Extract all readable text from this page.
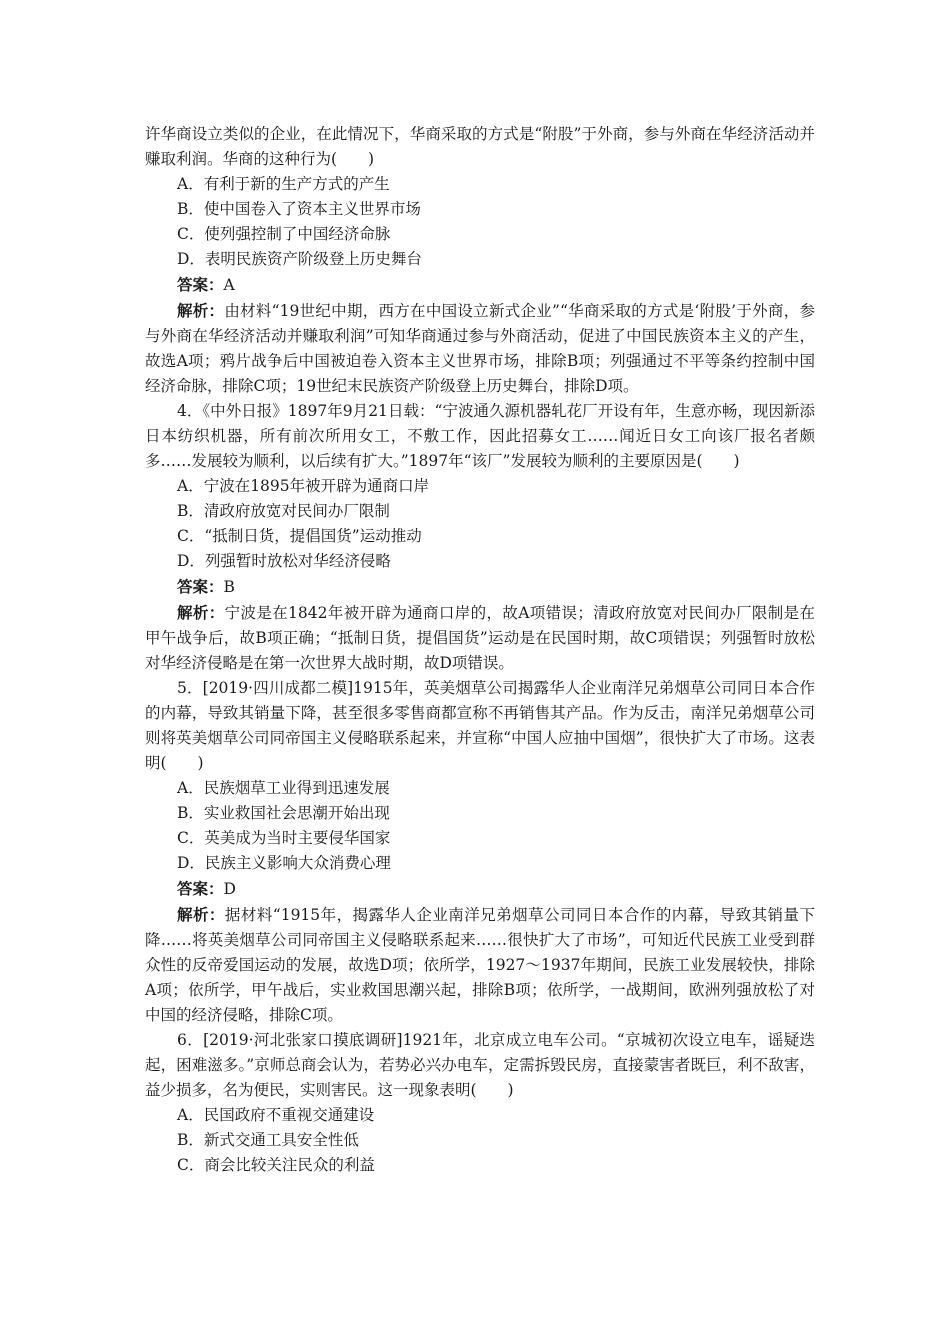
许华商设立类似的企业，在此情况下，华商采取的方式是“附股”于外商，参与外商在华经济活动并赚取利润。华商的这种行为(　　)

A．有利于新的生产方式的产生
B．使中国卷入了资本主义世界市场
C．使列强控制了中国经济命脉
D．表明民族资产阶级登上历史舞台
答案：A

解析：由材料“19世纪中期，西方在中国设立新式企业”“华商采取的方式是‘附股’于外商，参与外商在华经济活动并赚取利润”可知华商通过参与外商活动，促进了中国民族资本主义的产生，故选A项；鸦片战争后中国被迫卷入资本主义世界市场，排除B项；列强通过不平等条约控制中国经济命脉，排除C项；19世纪末民族资产阶级登上历史舞台，排除D项。

4．《中外日报》1897年9月21日载：“宁波通久源机器轧花厂开设有年，生意亦畅，现因新添日本纺织机器，所有前次所用女工，不敷工作，因此招募女工……闻近日女工向该厂报名者颇多……发展较为顺利，以后续有扩大。”1897年“该厂”发展较为顺利的主要原因是(　　)

A．宁波在1895年被开辟为通商口岸
B．清政府放宽对民间办厂限制
C．“抵制日货，提倡国货”运动推动
D．列强暂时放松对华经济侵略
答案：B

解析：宁波是在1842年被开辟为通商口岸的，故A项错误；清政府放宽对民间办厂限制是在甲午战争后，故B项正确；“抵制日货，提倡国货”运动是在民国时期，故C项错误；列强暂时放松对华经济侵略是在第一次世界大战时期，故D项错误。

5．[2019·四川成都二模]1915年，英美烟草公司揭露华人企业南洋兄弟烟草公司同日本合作的内幕，导致其销量下降，甚至很多零售商都宣称不再销售其产品。作为反击，南洋兄弟烟草公司则将英美烟草公司同帝国主义侵略联系起来，并宣称“中国人应抽中国烟”，很快扩大了市场。这表明(　　)

A．民族烟草工业得到迅速发展
B．实业救国社会思潮开始出现
C．英美成为当时主要侵华国家
D．民族主义影响大众消费心理
答案：D

解析：据材料“1915年，揭露华人企业南洋兄弟烟草公司同日本合作的内幕，导致其销量下降……将英美烟草公司同帝国主义侵略联系起来……很快扩大了市场”，可知近代民族工业受到群众性的反帝爱国运动的发展，故选D项；依所学，1927～1937年期间，民族工业发展较快，排除A项；依所学，甲午战后，实业救国思潮兴起，排除B项；依所学，一战期间，欧洲列强放松了对中国的经济侵略，排除C项。

6．[2019·河北张家口摸底调研]1921年，北京成立电车公司。“京城初次设立电车，谣疑迭起，困难滋多。”京师总商会认为，若势必兴办电车，定需拆毁民房，直接蒙害者既巨，利不敌害，益少损多，名为便民，实则害民。这一现象表明(　　)

A．民国政府不重视交通建设
B．新式交通工具安全性低
C．商会比较关注民众的利益
